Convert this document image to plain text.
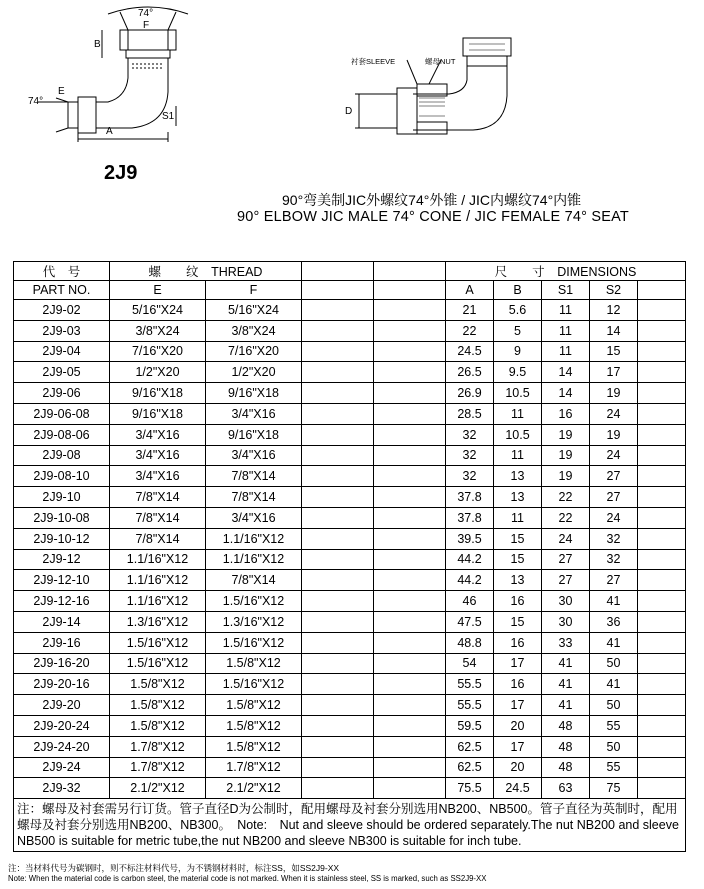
74°
F
B
74°
E
S1
A
衬套SLEEVE	螺母NUT
D
2J9
90°弯美制JIC外螺纹74°外锥 / JIC内螺纹74°内锥
90° ELBOW JIC MALE 74° CONE / JIC FEMALE 74° SEAT
代　号	螺　　纹　 THREAD				尺　　寸　 DIMENSIONS				
PART NO.	E	F			A	B	S1	S2	
2J9-02	5/16"X24	5/16"X24			21	5.6	11	12	
2J9-03	3/8"X24	3/8"X24			22	5	11	14	
2J9-04	7/16"X20	7/16"X20			24.5	9	11	15	
2J9-05	1/2"X20	1/2"X20			26.5	9.5	14	17	
2J9-06	9/16"X18	9/16"X18			26.9	10.5	14	19	
2J9-06-08	9/16"X18	3/4"X16			28.5	11	16	24	
2J9-08-06	3/4"X16	9/16"X18			32	10.5	19	19	
2J9-08	3/4"X16	3/4"X16			32	11	19	24	
2J9-08-10	3/4"X16	7/8"X14			32	13	19	27	
2J9-10	7/8"X14	7/8"X14			37.8	13	22	27	
2J9-10-08	7/8"X14	3/4"X16			37.8	11	22	24	
2J9-10-12	7/8"X14	1.1/16"X12			39.5	15	24	32	
2J9-12	1.1/16"X12	1.1/16"X12			44.2	15	27	32	
2J9-12-10	1.1/16"X12	7/8"X14			44.2	13	27	27	
2J9-12-16	1.1/16"X12	1.5/16"X12			46	16	30	41	
2J9-14	1.3/16"X12	1.3/16"X12			47.5	15	30	36	
2J9-16	1.5/16"X12	1.5/16"X12			48.8	16	33	41	
2J9-16-20	1.5/16"X12	1.5/8"X12			54	17	41	50	
2J9-20-16	1.5/8"X12	1.5/16"X12			55.5	16	41	41	
2J9-20	1.5/8"X12	1.5/8"X12			55.5	17	41	50	
2J9-20-24	1.5/8"X12	1.5/8"X12			59.5	20	48	55	
2J9-24-20	1.7/8"X12	1.5/8"X12			62.5	17	48	50	
2J9-24	1.7/8"X12	1.7/8"X12			62.5	20	48	55	
2J9-32	2.1/2"X12	2.1/2"X12			75.5	24.5	63	75	
注：螺母及衬套需另行订货。管子直径D为公制时，配用螺母及衬套分别选用NB200、NB500。管子直径为英制时，配用螺母及衬套分别选用NB200、NB300。　Note:　Nut and sleeve should be ordered separately.The nut NB200 and sleeve NB500 is suitable for metric tube,the nut NB200 and sleeve NB300 is suitable for inch tube.									
注：当材料代号为碳钢时，则不标注材料代号，为不锈钢材料时，标注SS，如SS2J9-XX
Note: When the material code is carbon steel, the material code is not marked. When it is stainless steel, SS is marked, such as SS2J9-XX
